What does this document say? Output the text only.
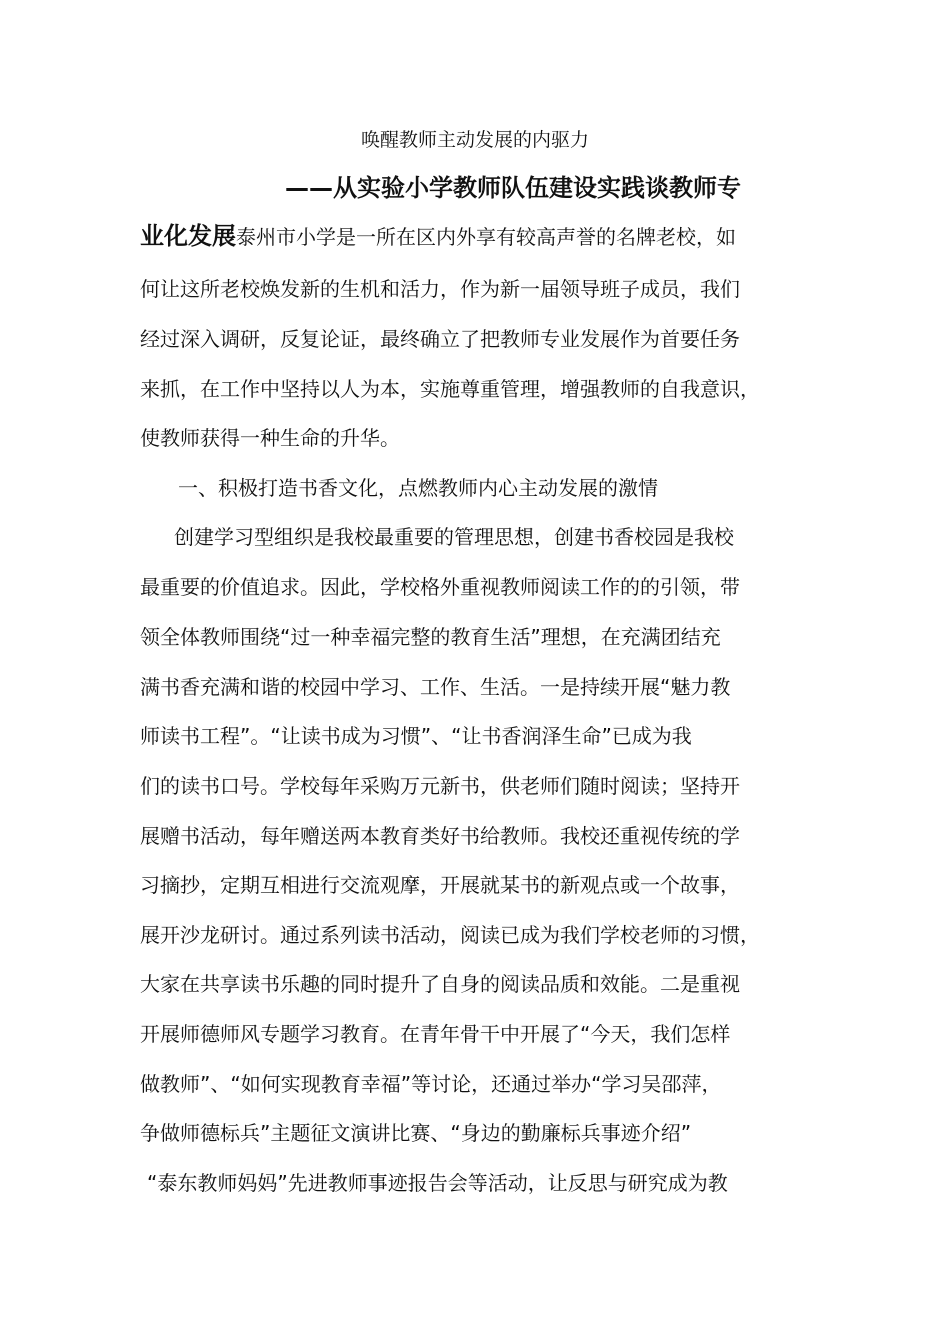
唤醒教师主动发展的内驱力
——从实验小学教师队伍建设实践谈教师专
业化发展泰州市小学是一所在区内外享有较高声誉的名牌老校，如
何让这所老校焕发新的生机和活力，作为新一届领导班子成员，我们
经过深入调研，反复论证，最终确立了把教师专业发展作为首要任务
来抓，在工作中坚持以人为本，实施尊重管理，增强教师的自我意识，
使教师获得一种生命的升华。
一、积极打造书香文化，点燃教师内心主动发展的激情
创建学习型组织是我校最重要的管理思想，创建书香校园是我校
最重要的价值追求。因此，学校格外重视教师阅读工作的的引领，带
领全体教师围绕“过一种幸福完整的教育生活”理想，在充满团结充
满书香充满和谐的校园中学习、工作、生活。一是持续开展“魅力教
师读书工程”。“让读书成为习惯”、“让书香润泽生命”已成为我
们的读书口号。学校每年采购万元新书，供老师们随时阅读；坚持开
展赠书活动，每年赠送两本教育类好书给教师。我校还重视传统的学
习摘抄，定期互相进行交流观摩，开展就某书的新观点或一个故事，
展开沙龙研讨。通过系列读书活动，阅读已成为我们学校老师的习惯，
大家在共享读书乐趣的同时提升了自身的阅读品质和效能。二是重视
开展师德师风专题学习教育。在青年骨干中开展了“今天，我们怎样
做教师”、“如何实现教育幸福”等讨论，还通过举办“学习吴邵萍，
争做师德标兵”主题征文演讲比赛、“身边的勤廉标兵事迹介绍”
“泰东教师妈妈”先进教师事迹报告会等活动，让反思与研究成为教
